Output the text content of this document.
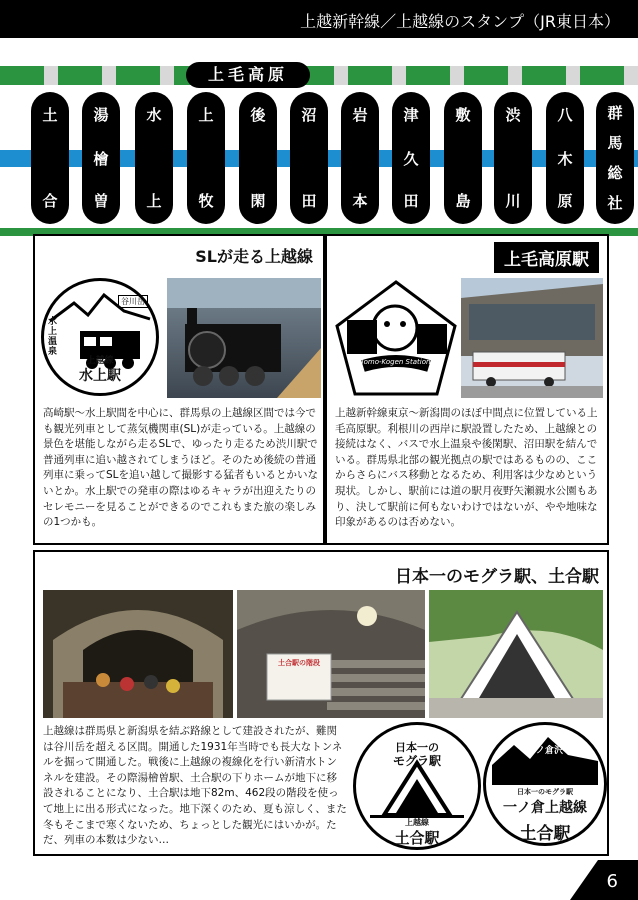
上越新幹線／上越線のスタンプ（JR東日本）
上毛高原
土
合
湯
檜
曽
水
上
上
牧
後
閑
沼
田
岩
本
津
久
田
敷
島
渋
川
八
木
原
群
馬
総
社
SLが走る上越線
水上温泉
谷川岳
上越線
水上駅
高崎駅～水上駅間を中心に、群馬県の上越線区間では今でも観光列車として蒸気機関車(SL)が走っている。上越線の景色を堪能しながら走るSLで、ゆったり走るため渋川駅で普通列車に追い越されてしまうほど。そのため後続の普通列車に乗ってSLを追い越して撮影する猛者もいるとかいないとか。水上駅での発車の際はゆるキャラが出迎えたりのセレモニーを見ることができるのでこれもまた旅の楽しみの1つかも。
上毛高原駅
Jomo-Kogen Station
上越新幹線東京～新潟間のほぼ中間点に位置している上毛高原駅。利根川の西岸に駅設置したため、上越線との接続はなく、バスで水上温泉や後閑駅、沼田駅を結んでいる。群馬県北部の観光拠点の駅ではあるものの、ここからさらにバス移動となるため、利用客は少なめという現状。しかし、駅前には道の駅月夜野矢瀬親水公園もあり、決して駅前に何もないわけではないが、やや地味な印象があるのは否めない。
日本一のモグラ駅、土合駅
土合駅の階段
上越線は群馬県と新潟県を結ぶ路線として建設されたが、難関は谷川岳を超える区間。開通した1931年当時でも長大なトンネルを掘って開通した。戦後に上越線の複線化を行い新清水トンネルを建設。その際湯檜曽駅、土合駅の下りホームが地下に移設されることになり、土合駅は地下82m、462段の階段を使って地上に出る形式になった。地下深くのため、夏も涼しく、また冬もそこまで寒くないため、ちょっとした観光にはいかが。ただ、列車の本数は少ない…
日本一の
モグラ駅
上越線
土合駅
一ノ倉沢
日本一のモグラ駅
一ノ倉上越線
土合駅
6
